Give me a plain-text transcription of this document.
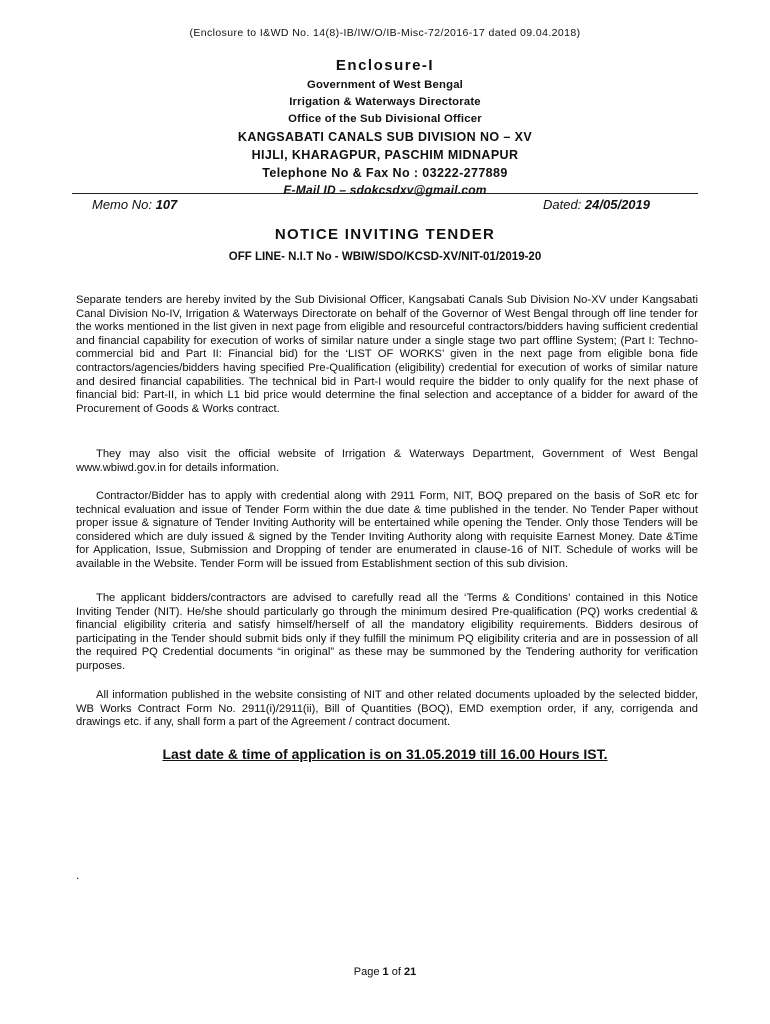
(Enclosure to I&WD No. 14(8)-IB/IW/O/IB-Misc-72/2016-17 dated 09.04.2018)
Enclosure-I
Government of West Bengal
Irrigation & Waterways Directorate
Office of the Sub Divisional Officer
KANGSABATI CANALS SUB DIVISION NO – XV
HIJLI, KHARAGPUR, PASCHIM MIDNAPUR
Telephone No & Fax No : 03222-277889
E-Mail ID – sdokcsdxv@gmail.com
Memo No: 107	Dated: 24/05/2019
NOTICE INVITING TENDER
OFF LINE- N.I.T No - WBIW/SDO/KCSD-XV/NIT-01/2019-20
Separate tenders are hereby invited by the Sub Divisional Officer, Kangsabati Canals Sub Division No-XV under Kangsabati Canal Division No-IV, Irrigation & Waterways Directorate on behalf of the Governor of West Bengal through off line tender for the works mentioned in the list given in next page from eligible and resourceful contractors/bidders having sufficient credential and financial capability for execution of works of similar nature under a single stage two part offline System; (Part I: Techno-commercial bid and Part II: Financial bid) for the ‘LIST OF WORKS’ given in the next page from eligible bona fide contractors/agencies/bidders having specified Pre-Qualification (eligibility) credential for execution of works of similar nature and desired financial capabilities. The technical bid in Part-I would require the bidder to only qualify for the next phase of financial bid: Part-II, in which L1 bid price would determine the final selection and acceptance of a bidder for award of the Procurement of Goods & Works contract.
They may also visit the official website of Irrigation & Waterways Department, Government of West Bengal www.wbiwd.gov.in for details information.
Contractor/Bidder has to apply with credential along with 2911 Form, NIT, BOQ prepared on the basis of SoR etc for technical evaluation and issue of Tender Form within the due date & time published in the tender. No Tender Paper without proper issue & signature of Tender Inviting Authority will be entertained while opening the Tender. Only those Tenders will be considered which are duly issued & signed by the Tender Inviting Authority along with requisite Earnest Money. Date &Time for Application, Issue, Submission and Dropping of tender are enumerated in clause-16 of NIT. Schedule of works will be available in the Website. Tender Form will be issued from Establishment section of this sub division.
The applicant bidders/contractors are advised to carefully read all the ‘Terms & Conditions’ contained in this Notice Inviting Tender (NIT). He/she should particularly go through the minimum desired Pre-qualification (PQ) works credential & financial eligibility criteria and satisfy himself/herself of all the mandatory eligibility requirements. Bidders desirous of participating in the Tender should submit bids only if they fulfill the minimum PQ eligibility criteria and are in possession of all the required PQ Credential documents “in original” as these may be summoned by the Tendering authority for verification purposes.
All information published in the website consisting of NIT and other related documents uploaded by the selected bidder, WB Works Contract Form No. 2911(i)/2911(ii), Bill of Quantities (BOQ), EMD exemption order, if any, corrigenda and drawings etc. if any, shall form a part of the Agreement / contract document.
Last date & time of application is on 31.05.2019 till 16.00 Hours IST.
.
Page 1 of 21
